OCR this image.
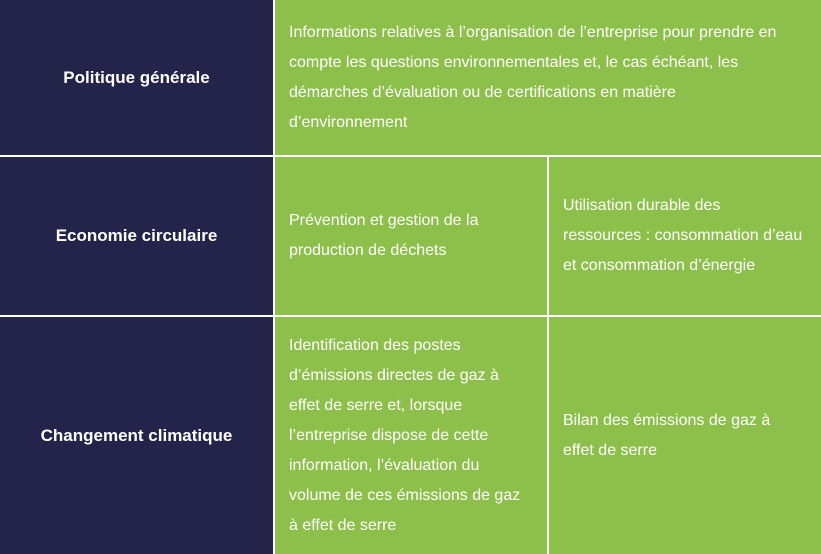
Politique générale
Informations relatives à l’organisation de l’entreprise pour prendre en compte les questions environnementales et, le cas échéant, les démarches d’évaluation ou de certifications en matière d’environnement
Economie circulaire
Prévention et gestion de la production de déchets
Utilisation durable des ressources : consommation d’eau et consommation d’énergie
Changement climatique
Identification des postes d’émissions directes de gaz à effet de serre et, lorsque l’entreprise dispose de cette information, l’évaluation du volume de ces émissions de gaz à effet de serre
Bilan des émissions de gaz à effet de serre
